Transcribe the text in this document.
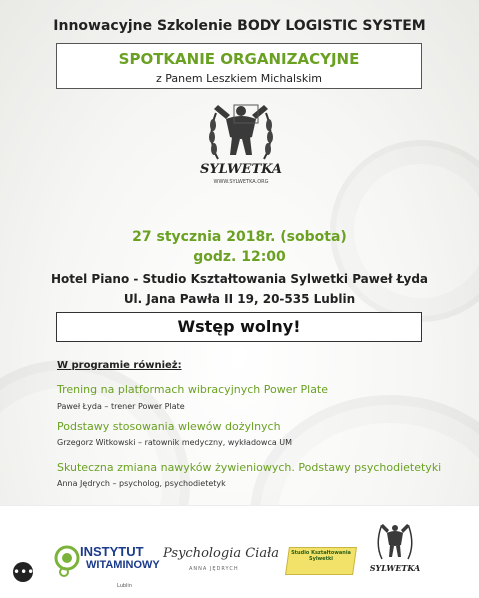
Innowacyjne Szkolenie BODY LOGISTIC SYSTEM
SPOTKANIE ORGANIZACYJNE
z Panem Leszkiem Michalskim
SYLWETKA
WWW.SYLWETKA.ORG
27 stycznia 2018r. (sobota)
godz. 12:00
Hotel Piano - Studio Kształtowania Sylwetki Paweł Łyda
Ul. Jana Pawła II 19, 20-535 Lublin
Wstęp wolny!
W programie również:
Trening na platformach wibracyjnych Power Plate
Paweł Łyda – trener Power Plate
Podstawy stosowania wlewów dożylnych
Grzegorz Witkowski – ratownik medyczny, wykładowca UM
Skuteczna zmiana nawyków żywieniowych. Podstawy psychodietetyki
Anna Jędrych – psycholog, psychodietetyk
INSTYTUT
WITAMINOWY
Lublin
Psychologia Ciała
ANNA JĘDRYCH
Studio Kształtowania Sylwetki
SYLWETKA
•••
